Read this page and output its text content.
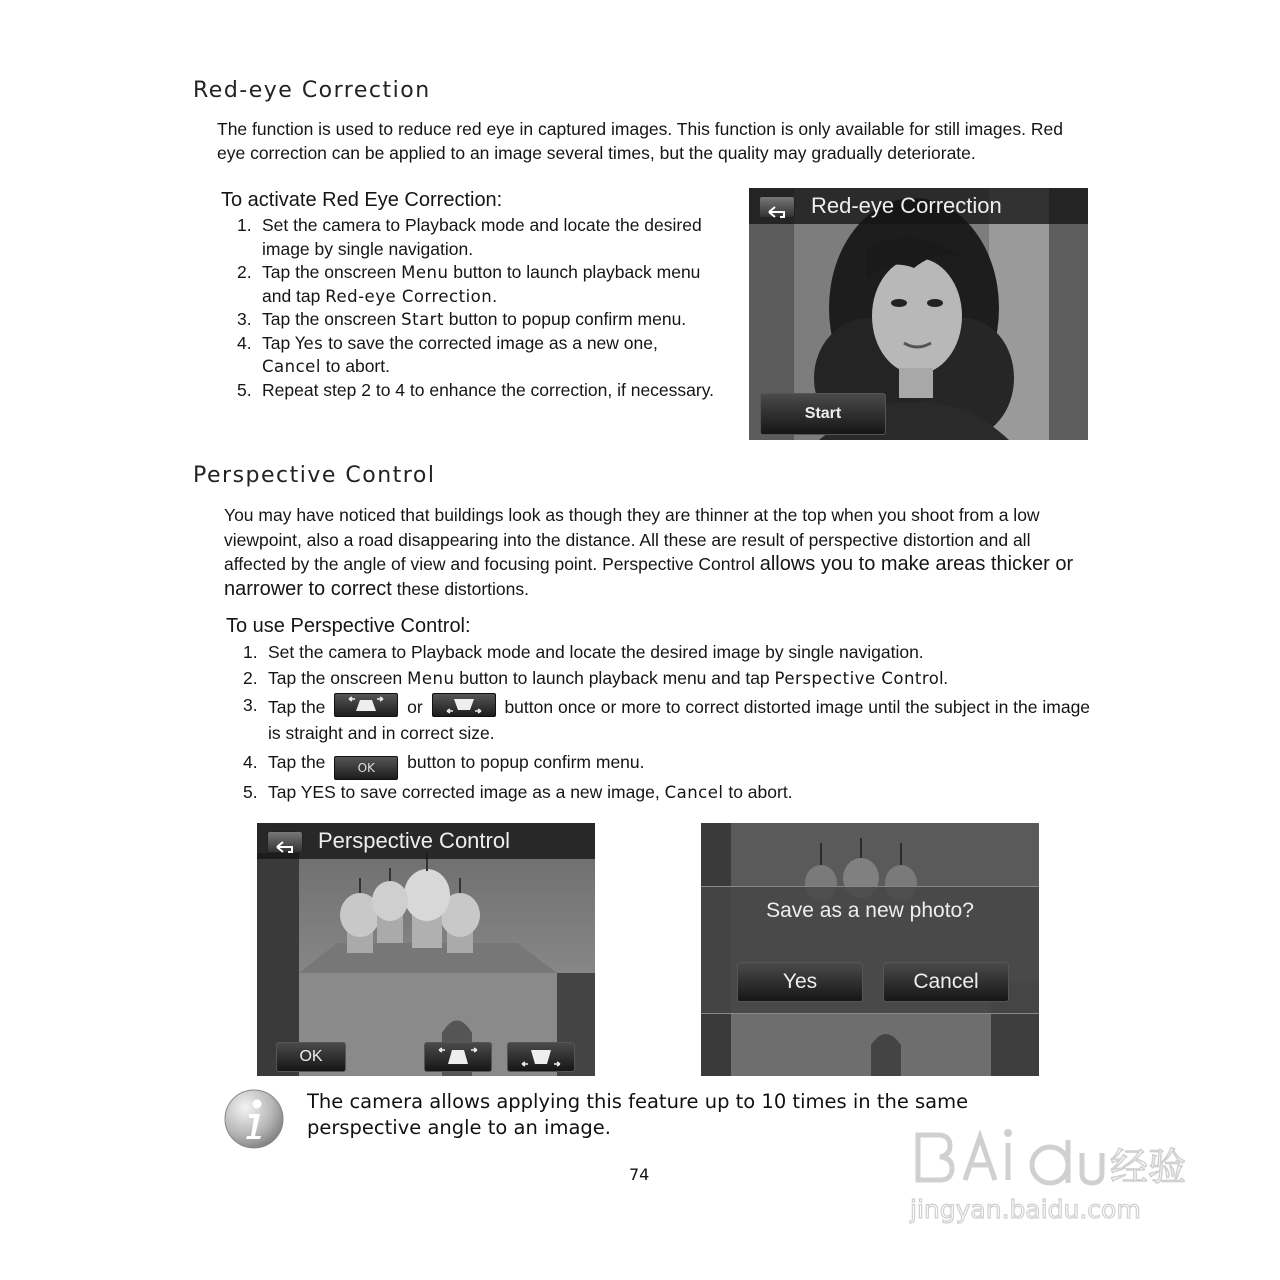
Red-eye Correction
The function is used to reduce red eye in captured images. This function is only available for still images. Red eye correction can be applied to an image several times, but the quality may gradually deteriorate.
To activate Red Eye Correction:
1. Set the camera to Playback mode and locate the desired image by single navigation.
2. Tap the onscreen Menu button to launch playback menu and tap Red-eye Correction.
3. Tap the onscreen Start button to popup confirm menu.
4. Tap Yes to save the corrected image as a new one, Cancel to abort.
5. Repeat step 2 to 4 to enhance the correction, if necessary.
Red-eye Correction
Start
Perspective Control
You may have noticed that buildings look as though they are thinner at the top when you shoot from a low viewpoint, also a road disappearing into the distance. All these are result of perspective distortion and all affected by the angle of view and focusing point. Perspective Control allows you to make areas thicker or narrower to correct these distortions.
To use Perspective Control:
1. Set the camera to Playback mode and locate the desired image by single navigation.
2. Tap the onscreen Menu button to launch playback menu and tap Perspective Control.
3. Tap the	or	button once or more to correct distorted image until the subject in the image is straight and in correct size.
4. Tap the OK button to popup confirm menu.
5. Tap YES to save corrected image as a new image, Cancel to abort.
Perspective Control
OK
Save as a new photo?
Yes	Cancel
The camera allows applying this feature up to 10 times in the same perspective angle to an image.
74	经验
jingyan.baidu.com
